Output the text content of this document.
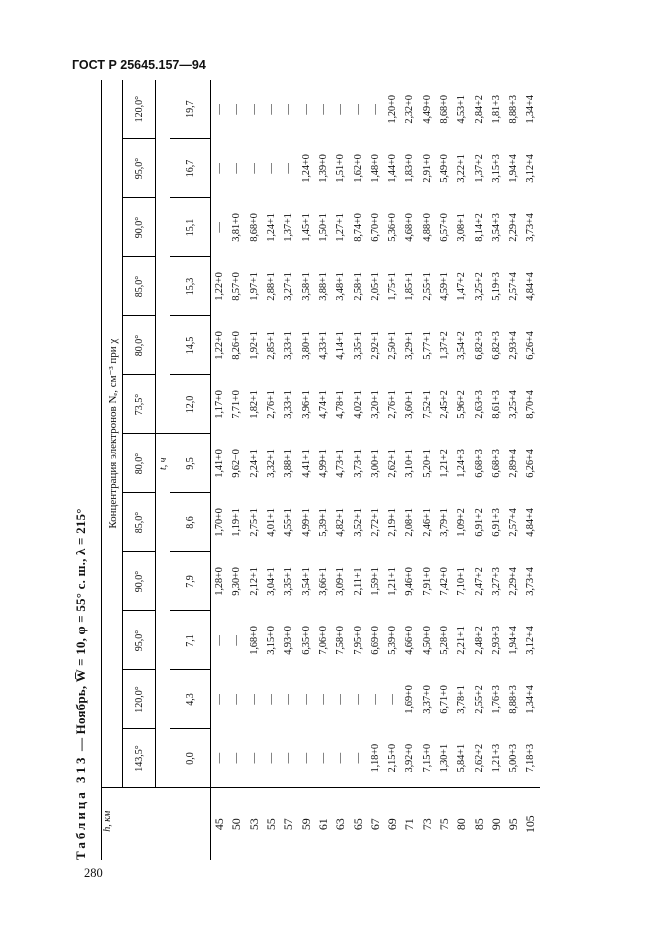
ГОСТ Р 25645.157—94
Таблица 313 — Ноябрь, W̅ = 10, φ = 55° с. ш., λ = 215°
h, км	Концентрация электронов Nₑ, см⁻³ при χ											
	143,5°	120,0°	95,0°	90,0°	85,0°	80,0°	73,5°	80,0°	85,0°	90,0°	95,0°	120,0°
						t, ч						
	0,0	4,3	7,1	7,9	8,6	9,5	12,0	14,5	15,3	15,1	16,7	19,7
45	—	—	—	1,28+0	1,70+0	1,41+0	1,17+0	1,22+0	1,22+0	—	—	—
50	—	—	—	9,30+0	1,19+1	9,62−0	7,71+0	8,26+0	8,57+0	3,81+0	—	—
53	—	—	1,68+0	2,12+1	2,75+1	2,24+1	1,82+1	1,92+1	1,97+1	8,68+0	—	—
55	—	—	3,15+0	3,04+1	4,01+1	3,32+1	2,76+1	2,85+1	2,88+1	1,24+1	—	—
57	—	—	4,93+0	3,35+1	4,55+1	3,88+1	3,33+1	3,33+1	3,27+1	1,37+1	—	—
59	—	—	6,35+0	3,54+1	4,99+1	4,41+1	3,96+1	3,80+1	3,58+1	1,45+1	1,24+0	—
61	—	—	7,06+0	3,66+1	5,39+1	4,99+1	4,74+1	4,33+1	3,88+1	1,50+1	1,39+0	—
63	—	—	7,58+0	3,09+1	4,82+1	4,73+1	4,78+1	4,14+1	3,48+1	1,27+1	1,51+0	—
65	—	—	7,95+0	2,11+1	3,52+1	3,73+1	4,02+1	3,35+1	2,58+1	8,74+0	1,62+0	—
67	1,18+0	—	6,69+0	1,59+1	2,72+1	3,00+1	3,20+1	2,92+1	2,05+1	6,70+0	1,48+0	—
69	2,15+0	—	5,39+0	1,21+1	2,19+1	2,62+1	2,76+1	2,50+1	1,75+1	5,36+0	1,44+0	1,20+0
71	3,92+0	1,69+0	4,66+0	9,46+0	2,08+1	3,10+1	3,60+1	3,29+1	1,85+1	4,68+0	1,83+0	2,32+0
73	7,15+0	3,37+0	4,50+0	7,91+0	2,46+1	5,20+1	7,52+1	5,77+1	2,55+1	4,88+0	2,91+0	4,49+0
75	1,30+1	6,71+0	5,28+0	7,42+0	3,79+1	1,21+2	2,45+2	1,37+2	4,59+1	6,57+0	5,49+0	8,68+0
80	5,84+1	3,78+1	2,21+1	7,10+1	1,09+2	1,24+3	5,96+2	3,54+2	1,47+2	3,08+1	3,22+1	4,53+1
85	2,62+2	2,55+2	2,48+2	2,47+2	6,91+2	6,68+3	2,63+3	6,82+3	3,25+2	8,14+2	1,37+2	2,84+2
90	1,21+3	1,76+3	2,93+3	3,27+3	6,91+3	6,68+3	8,61+3	6,82+3	5,19+3	3,54+3	3,15+3	1,81+3
95	5,00+3	8,88+3	1,94+4	2,29+4	2,57+4	2,89+4	3,25+4	2,93+4	2,57+4	2,29+4	1,94+4	8,88+3
105	7,18+3	1,34+4	3,12+4	3,73+4	4,84+4	6,26+4	8,70+4	6,26+4	4,84+4	3,73+4	3,12+4	1,34+4
280
